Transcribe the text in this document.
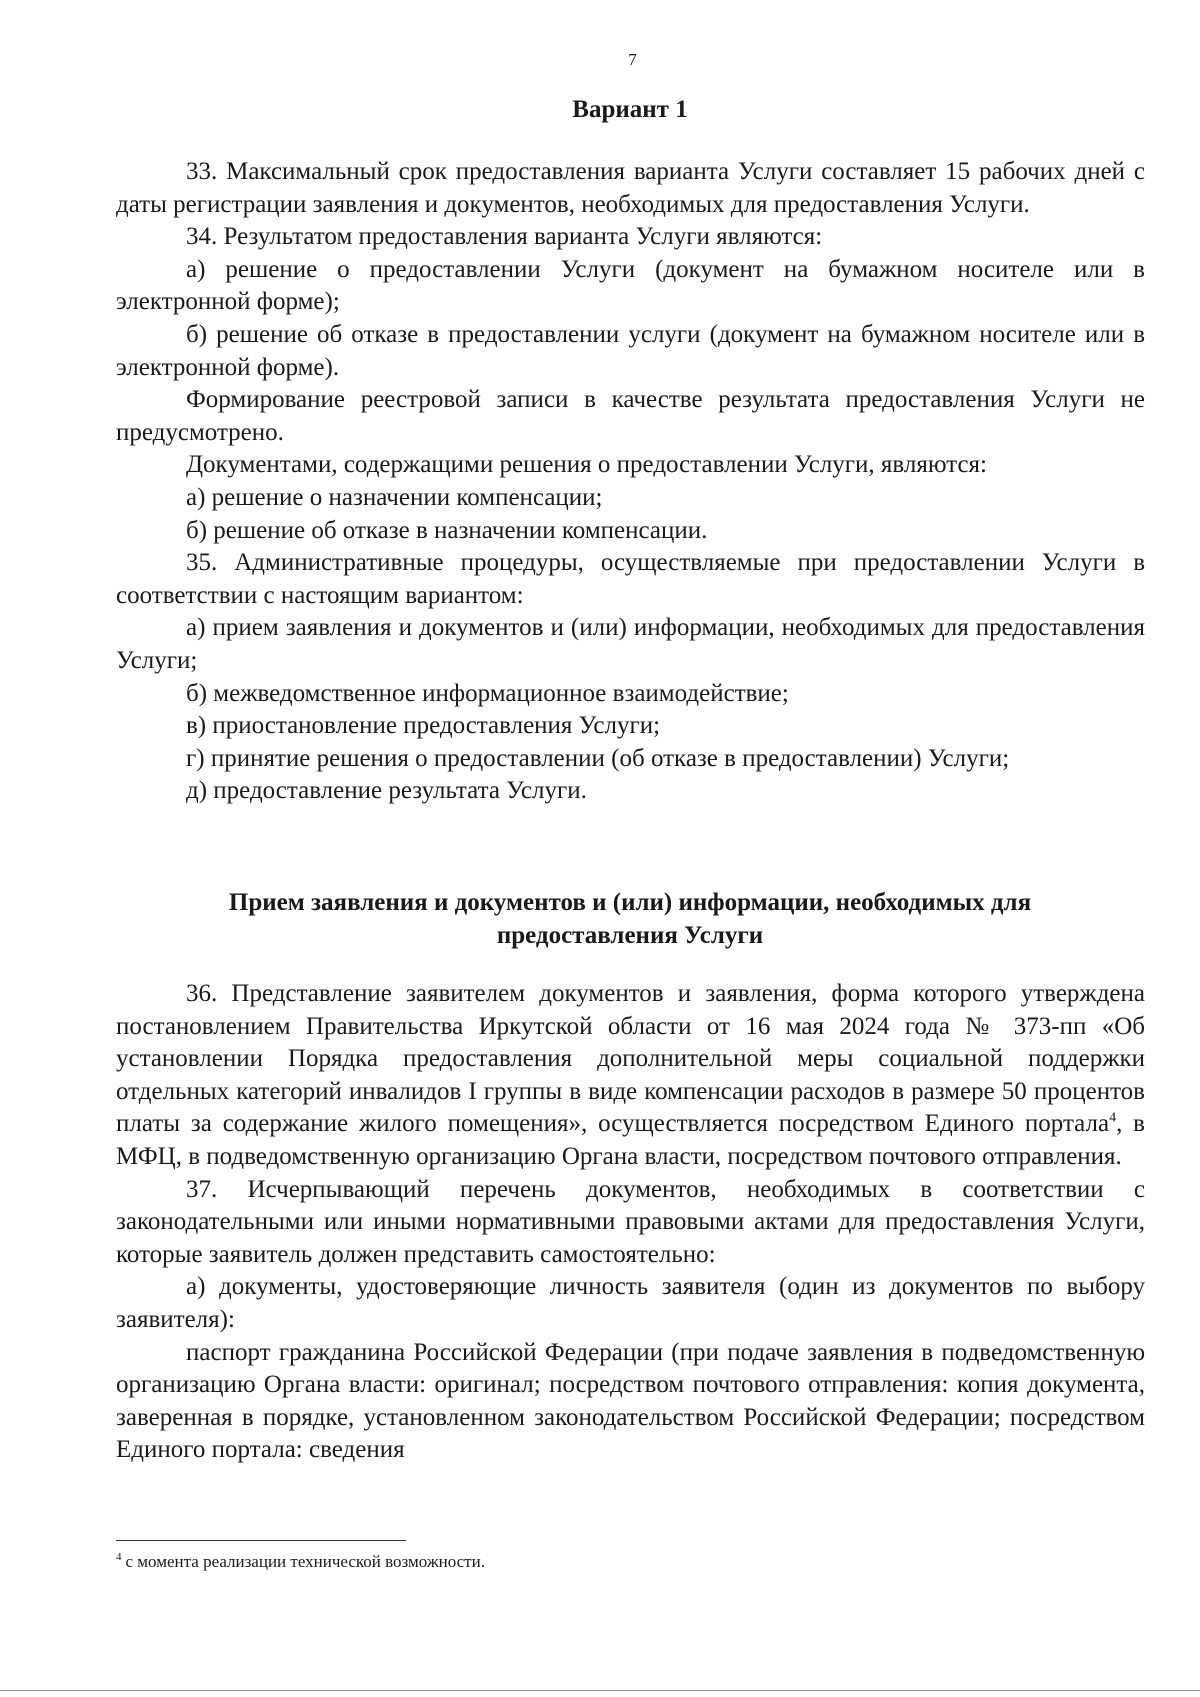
7
Вариант 1

33. Максимальный срок предоставления варианта Услуги составляет 15 рабочих дней с даты регистрации заявления и документов, необходимых для предоставления Услуги.

34. Результатом предоставления варианта Услуги являются:

а) решение о предоставлении Услуги (документ на бумажном носителе или в электронной форме);

б) решение об отказе в предоставлении услуги (документ на бумажном носителе или в электронной форме).

Формирование реестровой записи в качестве результата предоставления Услуги не предусмотрено.

Документами, содержащими решения о предоставлении Услуги, являются:

а) решение о назначении компенсации;

б) решение об отказе в назначении компенсации.

35. Административные процедуры, осуществляемые при предоставлении Услуги в соответствии с настоящим вариантом:

а) прием заявления и документов и (или) информации, необходимых для предоставления Услуги;

б) межведомственное информационное взаимодействие;

в) приостановление предоставления Услуги;

г) принятие решения о предоставлении (об отказе в предоставлении) Услуги;

д) предоставление результата Услуги.

Прием заявления и документов и (или) информации, необходимых для
предоставления Услуги

36. Представление заявителем документов и заявления, форма которого утверждена постановлением Правительства Иркутской области от 16 мая 2024 года № 373-пп «Об установлении Порядка предоставления дополнительной меры социальной поддержки отдельных категорий инвалидов I группы в виде компенсации расходов в размере 50 процентов платы за содержание жилого помещения», осуществляется посредством Единого портала$^4$, в МФЦ, в подведомственную организацию Органа власти, посредством почтового отправления.

37. Исчерпывающий перечень документов, необходимых в соответствии с законодательными или иными нормативными правовыми актами для предоставления Услуги, которые заявитель должен представить самостоятельно:

а) документы, удостоверяющие личность заявителя (один из документов по выбору заявителя):

паспорт гражданина Российской Федерации (при подаче заявления в подведомственную организацию Органа власти: оригинал; посредством почтового отправления: копия документа, заверенная в порядке, установленном законодательством Российской Федерации; посредством Единого портала: сведения

$^4$ с момента реализации технической возможности.
